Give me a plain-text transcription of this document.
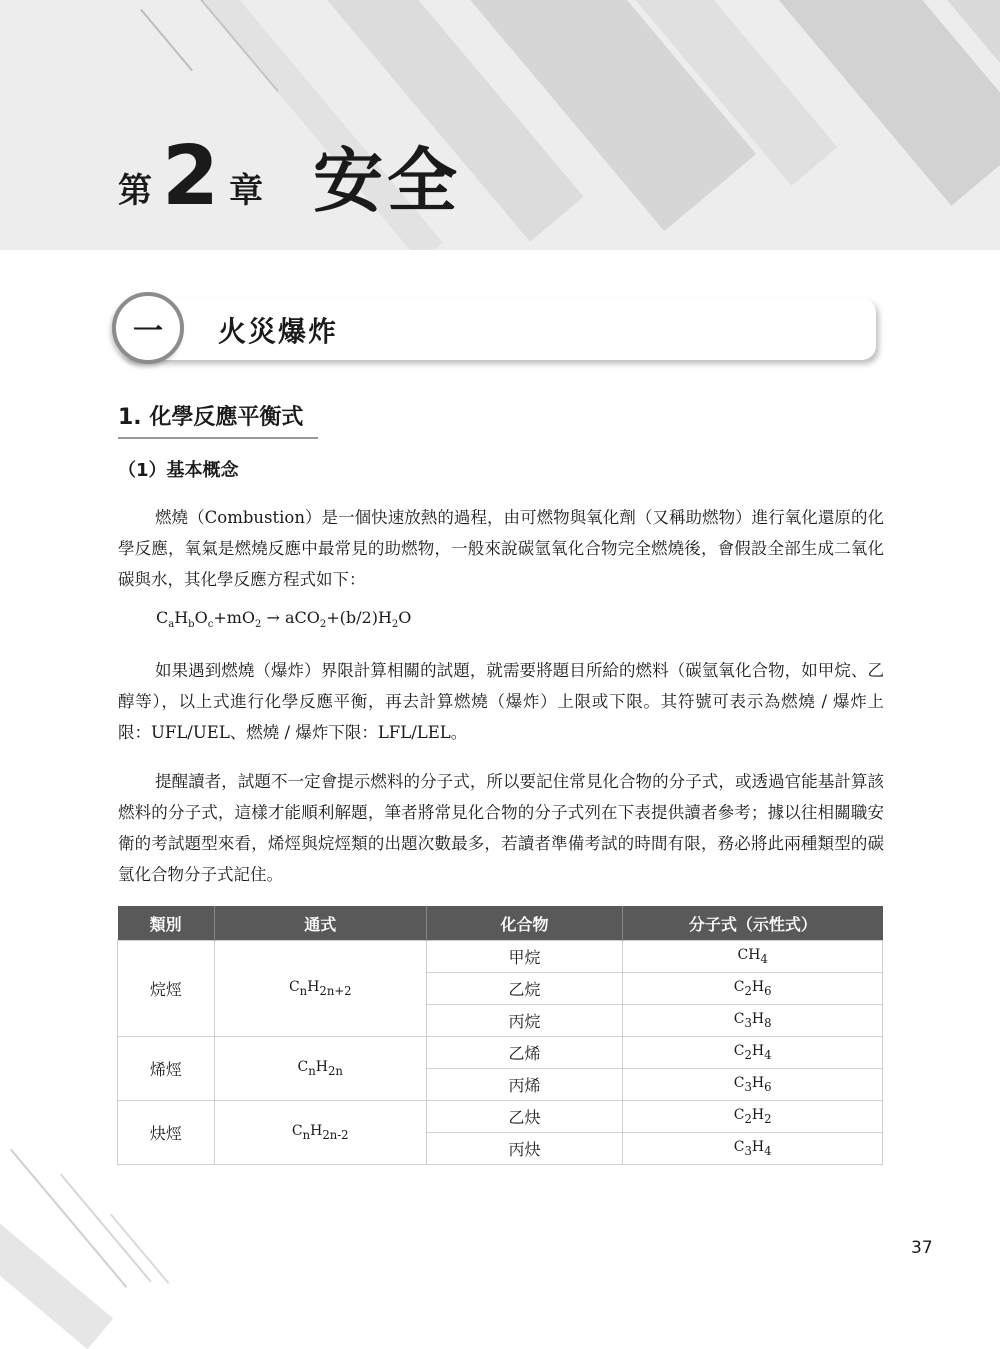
第 2 章 安全
一 火災爆炸
1. 化學反應平衡式
（1）基本概念

燃燒（Combustion）是一個快速放熱的過程，由可燃物與氧化劑（又稱助燃物）進行氧化還原的化學反應，氧氣是燃燒反應中最常見的助燃物，一般來說碳氫氧化合物完全燃燒後，會假設全部生成二氧化碳與水，其化學反應方程式如下：

$C_aH_bO_c+mO_2 \to aCO_2+(b/2)H_2O$

如果遇到燃燒（爆炸）界限計算相關的試題，就需要將題目所給的燃料（碳氫氧化合物，如甲烷、乙醇等），以上式進行化學反應平衡，再去計算燃燒（爆炸）上限或下限。其符號可表示為燃燒 / 爆炸上限：UFL/UEL、燃燒 / 爆炸下限：LFL/LEL。

提醒讀者，試題不一定會提示燃料的分子式，所以要記住常見化合物的分子式，或透過官能基計算該燃料的分子式，這樣才能順利解題，筆者將常見化合物的分子式列在下表提供讀者參考；據以往相關職安衛的考試題型來看，烯烴與烷烴類的出題次數最多，若讀者準備考試的時間有限，務必將此兩種類型的碳氫化合物分子式記住。

類別	通式	化合物	分子式（示性式）
烷烴	$C_nH_{2n+2}$	甲烷	$CH_4$
		乙烷	$C_2H_6$
		丙烷	$C_3H_8$
烯烴	$C_nH_{2n}$	乙烯	$C_2H_4$
		丙烯	$C_3H_6$
炔烴	$C_nH_{2n-2}$	乙炔	$C_2H_2$
		丙炔	$C_3H_4$
37
